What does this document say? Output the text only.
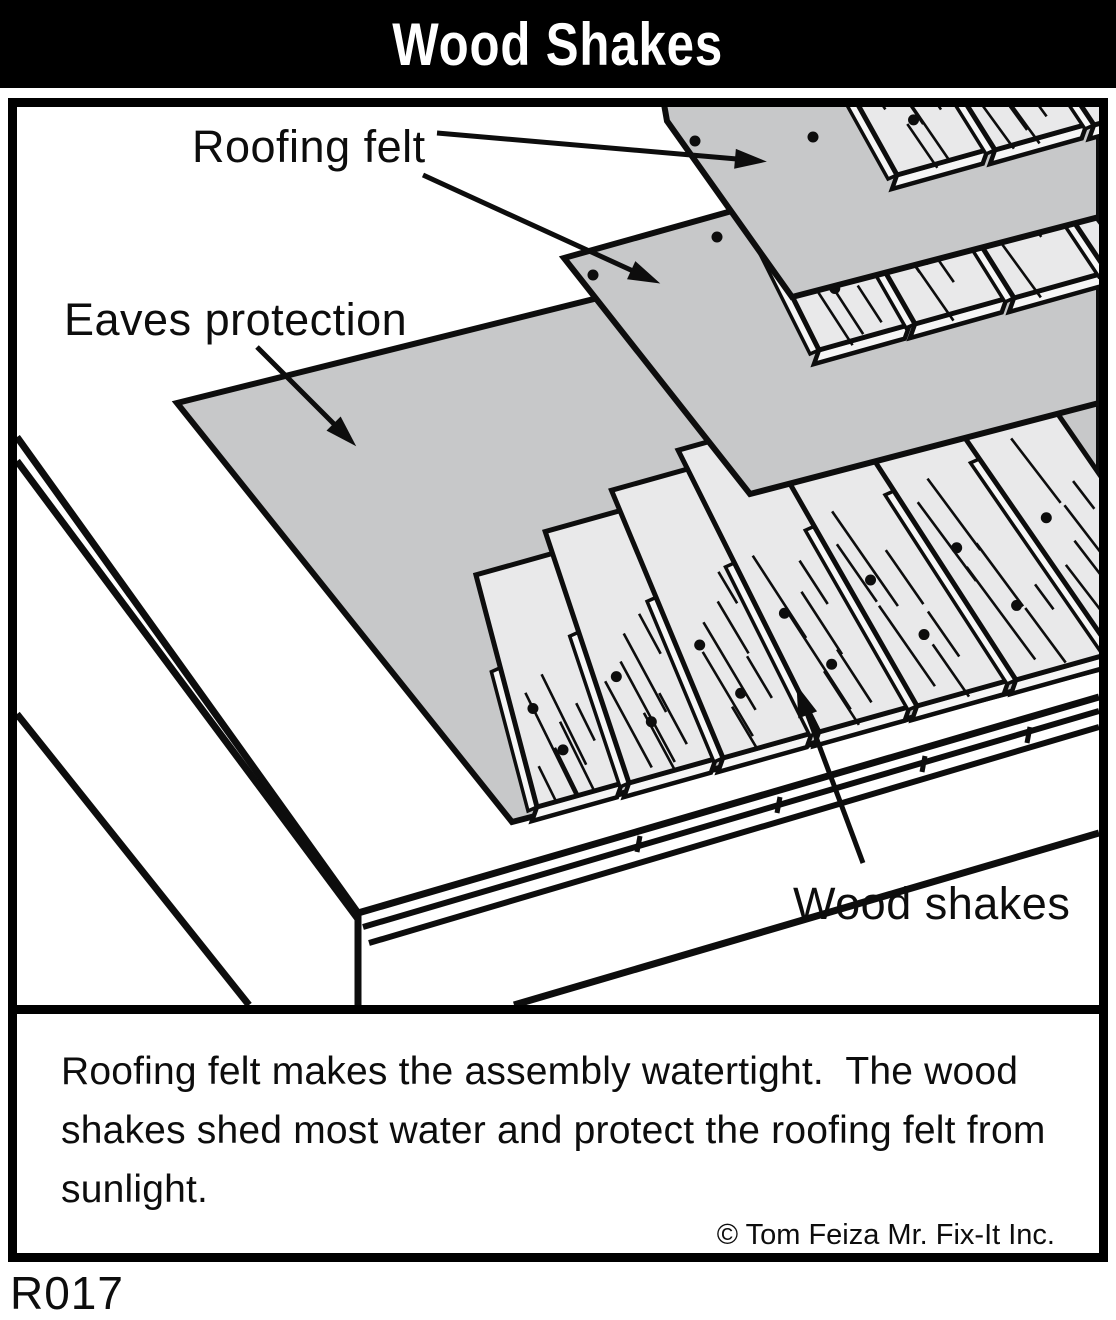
Wood Shakes
Roofing felt
Eaves protection
Wood shakes

Roofing felt makes the assembly watertight.  The wood shakes shed most water and protect the roofing felt from sunlight.

© Tom Feiza Mr. Fix-It Inc.

R017
